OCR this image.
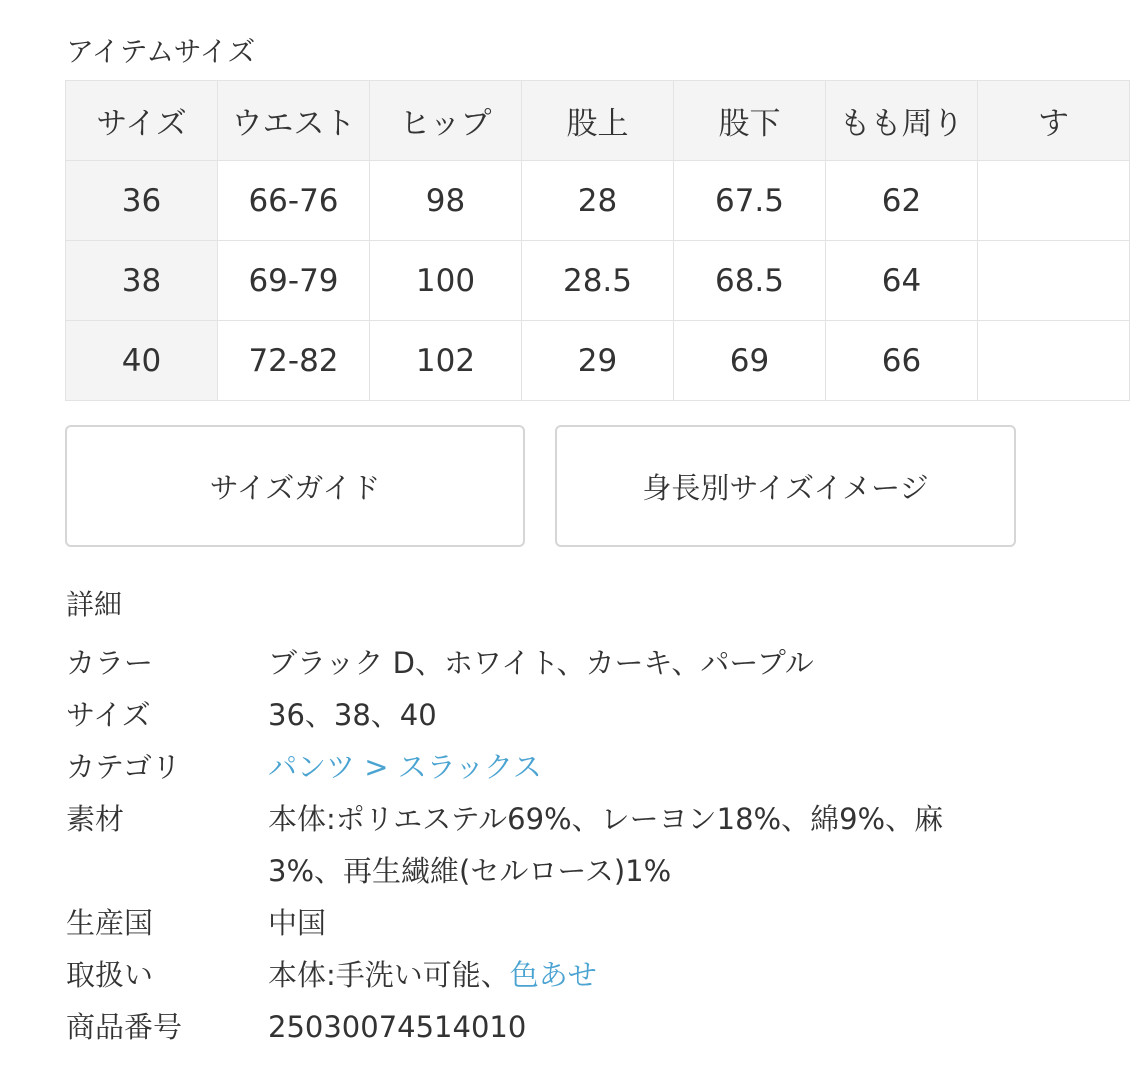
アイテムサイズ
サイズ	ウエスト	ヒップ	股上	股下	もも周り	す
36	66-76	98	28	67.5	62	
38	69-79	100	28.5	68.5	64	
40	72-82	102	29	69	66	
サイズガイド	身長別サイズイメージ
詳細
カラー	ブラック D、ホワイト、カーキ、パープル
サイズ	36、38、40
カテゴリ	パンツ > スラックス
素材	本体:ポリエステル69%、レーヨン18%、綿9%、麻
3%、再生繊維(セルロース)1%
生産国	中国
取扱い	本体:手洗い可能、色あせ
商品番号	25030074514010
